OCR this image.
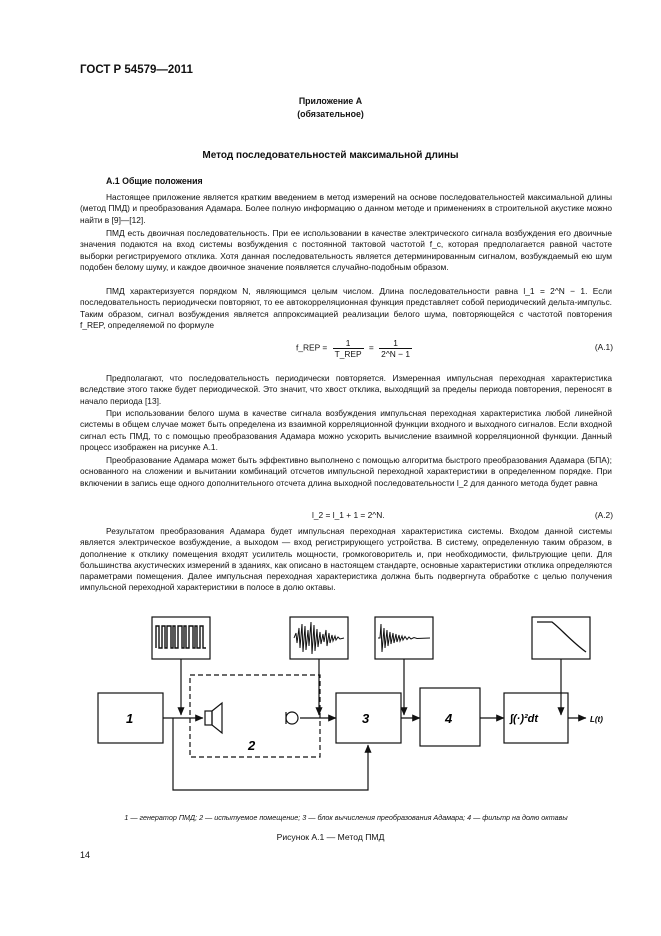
ГОСТ Р 54579—2011
Приложение А
(обязательное)
Метод последовательностей максимальной длины
А.1 Общие положения

Настоящее приложение является кратким введением в метод измерений на основе последовательностей максимальной длины (метод ПМД) и преобразования Адамара. Более полную информацию о данном методе и применениях в строительной акустике можно найти в [9]—[12].

ПМД есть двоичная последовательность. При ее использовании в качестве электрического сигнала возбуждения его двоичные значения подаются на вход системы возбуждения с постоянной тактовой частотой f_c, которая предполагается равной частоте выборки регистрируемого отклика. Хотя данная последовательность является детерминированным сигналом, возбуждаемый ею шум подобен белому шуму, и каждое двоичное значение появляется случайно-подобным образом.

ПМД характеризуется порядком N, являющимся целым числом. Длина последовательности равна l_1 = 2^N − 1. Если последовательность периодически повторяют, то ее автокорреляционная функция представляет собой периодический дельта-импульс. Таким образом, сигнал возбуждения является аппроксимацией реализации белого шума, повторяющейся с частотой повторения f_REP, определяемой по формуле

f_REP = $\frac{1}{\text{T\_REP}} = \frac{1}{2\^{}N - 1}$	(А.1)

Предполагают, что последовательность периодически повторяется. Измеренная импульсная переходная характеристика вследствие этого также будет периодической. Это значит, что хвост отклика, выходящий за пределы периода повторения, переносят в начало периода [13].

При использовании белого шума в качестве сигнала возбуждения импульсная переходная характеристика любой линейной системы в общем случае может быть определена из взаимной корреляционной функции входного и выходного сигналов. Если входной сигнал есть ПМД, то с помощью преобразования Адамара можно ускорить вычисление взаимной корреляционной функции. Данный процесс изображен на рисунке А.1.

Преобразование Адамара может быть эффективно выполнено с помощью алгоритма быстрого преобразования Адамара (БПА); основанного на сложении и вычитании комбинаций отсчетов импульсной переходной характеристики в определенном порядке. При включении в запись еще одного дополнительного отсчета длина выходной последовательности l_2 для данного метода будет равна

l_2 = l_1 + 1 = 2^N.	(А.2)

Результатом преобразования Адамара будет импульсная переходная характеристика системы. Входом данной системы является электрическое возбуждение, а выходом — вход регистрирующего устройства. В систему, определенную таким образом, в дополнение к отклику помещения входят усилитель мощности, громкоговоритель и, при необходимости, фильтрующие цепи. Для большинства акустических измерений в зданиях, как описано в настоящем стандарте, основные характеристики отклика определяются параметрами помещения. Далее импульсная переходная характеристика должна быть подвергнута обработке с целью получения импульсной переходной характеристики в полосе в долю октавы.

1
2
3	4	∫(·)²dt	L(t)
1 — генератор ПМД; 2 — испытуемое помещение; 3 — блок вычисления преобразования Адамара; 4 — фильтр на долю октавы
Рисунок А.1 — Метод ПМД
14
